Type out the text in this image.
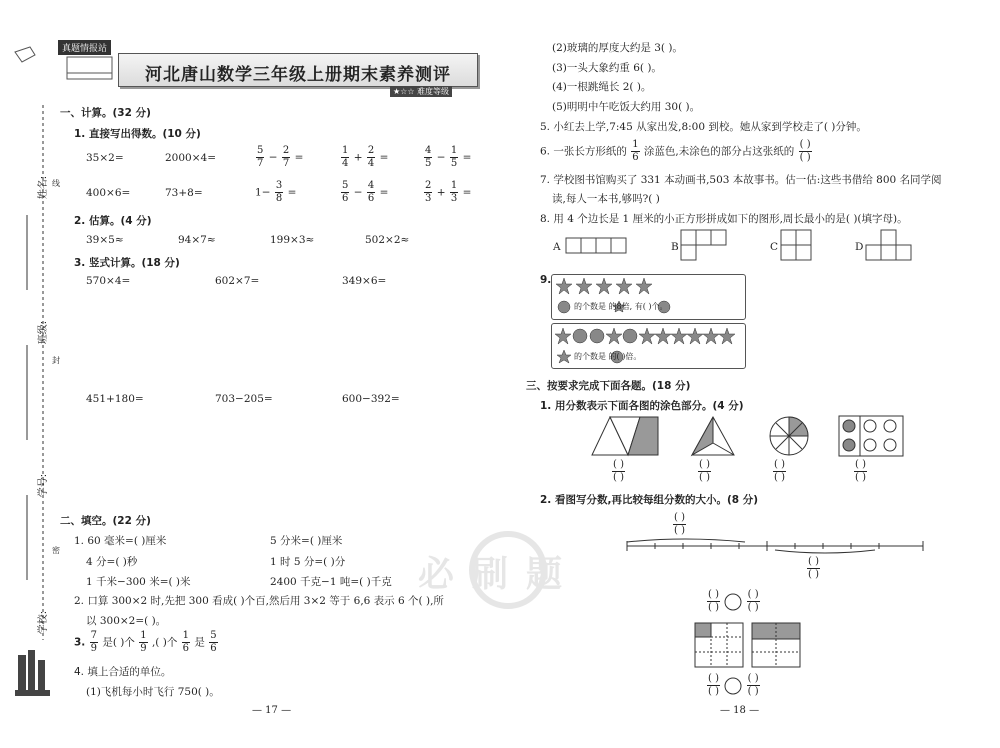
姓名: 线
班级:
封
学号:
密
学校:
真题情报站
河北唐山数学三年级上册期末素养测评
★☆☆ 难度等级
一、计算。(32 分)
1. 直接写出得数。(10 分)
35×2=	2000×4=	$\frac{5}{7} - \frac{2}{7}$ =	$\frac{1}{4} + \frac{2}{4}$ =	$\frac{4}{5} - \frac{1}{5}$ =
400×6=	73+8=	$1- \frac{3}{8}$ =	$\frac{5}{6} - \frac{4}{6}$ =	$\frac{2}{3} + \frac{1}{3}$ =
2. 估算。(4 分)
39×5≈	94×7≈	199×3≈	502×2≈
3. 竖式计算。(18 分)
570×4=	602×7=	349×6=
451+180=	703−205=	600−392=
二、填空。(22 分)
1. 60 毫米=( )厘米	5 分米=( )厘米
4 分=( )秒	1 时 5 分=( )分
1 千米−300 米=( )米	2400 千克−1 吨=( )千克
2. 口算 300×2 时,先把 300 看成( )个百,然后用 3×2 等于 6,6 表示 6 个( ),所
以 300×2=( )。
3. $\frac{7}{9}$ 是( )个 $\frac{1}{9}$ ,( )个 $\frac{1}{6}$ 是 $\frac{5}{6}$
4. 填上合适的单位。
(1)飞机每小时飞行 750( )。
— 17 —
必刷题
(2)玻璃的厚度大约是 3( )。
(3)一头大象约重 6( )。
(4)一根跳绳长 2( )。
(5)明明中午吃饭大约用 30( )。
5. 小红去上学,7:45 从家出发,8:00 到校。她从家到学校走了( )分钟。
6. 一张长方形纸的 $\frac{1}{6}$ 涂蓝色,未涂色的部分占这张纸的 $\frac{( )}{( )}$
7. 学校图书馆购买了 331 本动画书,503 本故事书。估一估:这些书借给 800 名同学阅
读,每人一本书,够吗?( )
8. 用 4 个边长是 1 厘米的小正方形拼成如下的图形,周长最小的是( )(填字母)。
A	B	C	D
9.
的个数是 的8倍, 有( )个。
的个数是 的( )倍。
三、按要求完成下面各题。(18 分)
1. 用分数表示下面各图的涂色部分。(4 分)
$\frac{( )}{( )}$	$\frac{( )}{( )}$	$\frac{( )}{( )}$	$\frac{( )}{( )}$
2. 看图写分数,再比较每组分数的大小。(8 分)
$\frac{( )}{( )}$
$\frac{( )}{( )}$
$\frac{( )}{( )}$
	$\frac{( )}{( )}$
$\frac{( )}{( )}$
	$\frac{( )}{( )}$
— 18 —
